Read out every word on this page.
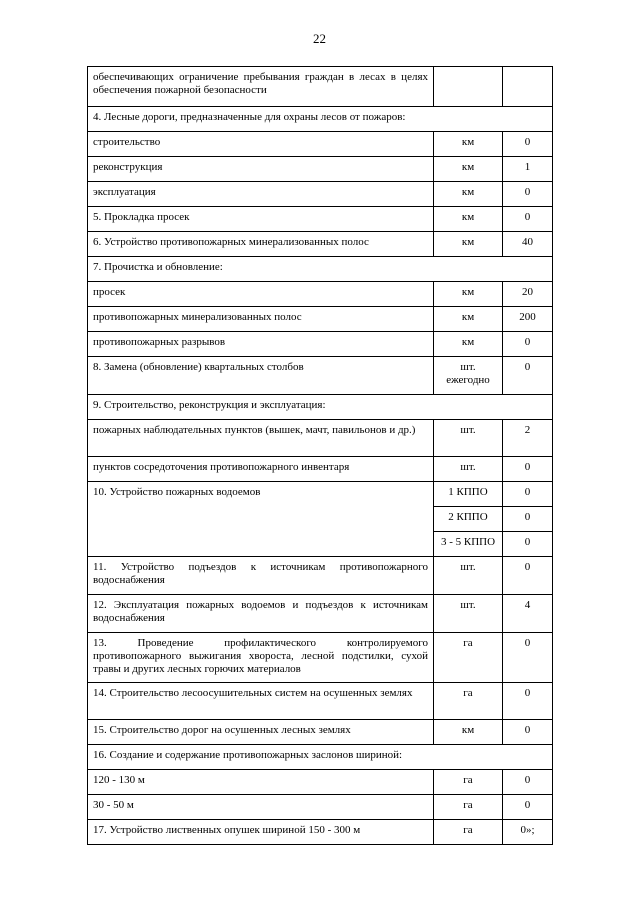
22
обеспечивающих ограничение пребывания граждан в лесах в целях обеспечения пожарной безопасности		
4. Лесные дороги, предназначенные для охраны лесов от пожаров:		
строительство	км	0
реконструкция	км	1
эксплуатация	км	0
5. Прокладка просек	км	0
6. Устройство противопожарных минерализованных полос	км	40
7. Прочистка и обновление:		
просек	км	20
противопожарных минерализованных полос	км	200
противопожарных разрывов	км	0
8. Замена (обновление) квартальных столбов	шт. ежегодно	0
9. Строительство, реконструкция и эксплуатация:		
пожарных наблюдательных пунктов (вышек, мачт, павильонов и др.)	шт.	2
пунктов сосредоточения противопожарного инвентаря	шт.	0
10. Устройство пожарных водоемов	1 КППО	0
	2 КППО	0
	3 - 5 КППО	0
11. Устройство подъездов к источникам противопожарного водоснабжения	шт.	0
12. Эксплуатация пожарных водоемов и подъездов к источникам водоснабжения	шт.	4
13. Проведение профилактического контролируемого противопожарного выжигания хвороста, лесной подстилки, сухой травы и других лесных горючих материалов	га	0
14. Строительство лесоосушительных систем на осушенных землях	га	0
15. Строительство дорог на осушенных лесных землях	км	0
16. Создание и содержание противопожарных заслонов шириной:		
120 - 130 м	га	0
30 - 50 м	га	0
17. Устройство лиственных опушек шириной 150 - 300 м	га	0»;
